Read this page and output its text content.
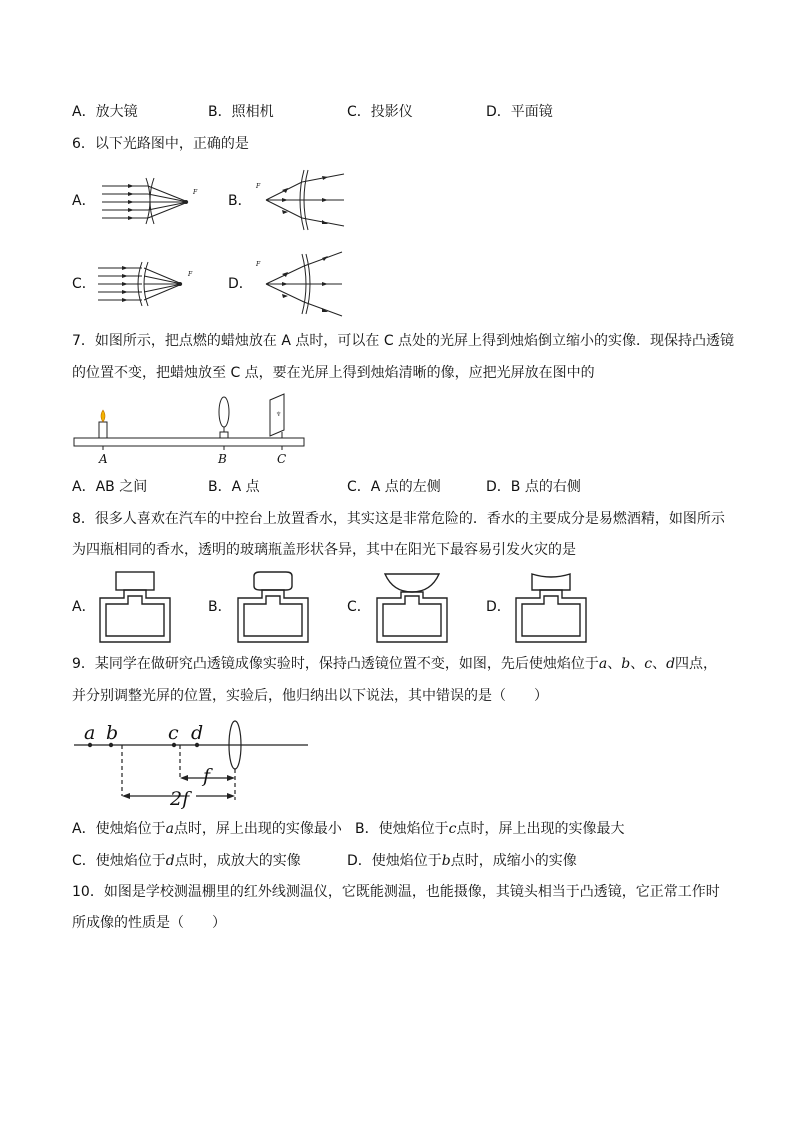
A．放大镜	B．照相机	C．投影仪	D．平面镜
6．以下光路图中，正确的是
A．
F
B．
F
C．
F
D．
F
7．如图所示，把点燃的蜡烛放在 A 点时，可以在 C 点处的光屏上得到烛焰倒立缩小的实像．现保持凸透镜
的位置不变，把蜡烛放至 C 点，要在光屏上得到烛焰清晰的像，应把光屏放在图中的
♆
A	B	C
A．AB 之间	B．A 点	C．A 点的左侧	D．B 点的右侧
8．很多人喜欢在汽车的中控台上放置香水，其实这是非常危险的．香水的主要成分是易燃酒精，如图所示
为四瓶相同的香水，透明的玻璃瓶盖形状各异，其中在阳光下最容易引发火灾的是
A．	B．	C．	D．
9．某同学在做研究凸透镜成像实验时，保持凸透镜位置不变，如图，先后使烛焰位于a、b、c、d四点，
并分别调整光屏的位置，实验后，他归纳出以下说法，其中错误的是（　　）
a b	c d
f
2f
A．使烛焰位于a点时，屏上出现的实像最小 B．使烛焰位于c点时，屏上出现的实像最大
C．使烛焰位于d点时，成放大的实像	D．使烛焰位于b点时，成缩小的实像
10．如图是学校测温棚里的红外线测温仪，它既能测温，也能摄像，其镜头相当于凸透镜，它正常工作时
所成像的性质是（　　）
